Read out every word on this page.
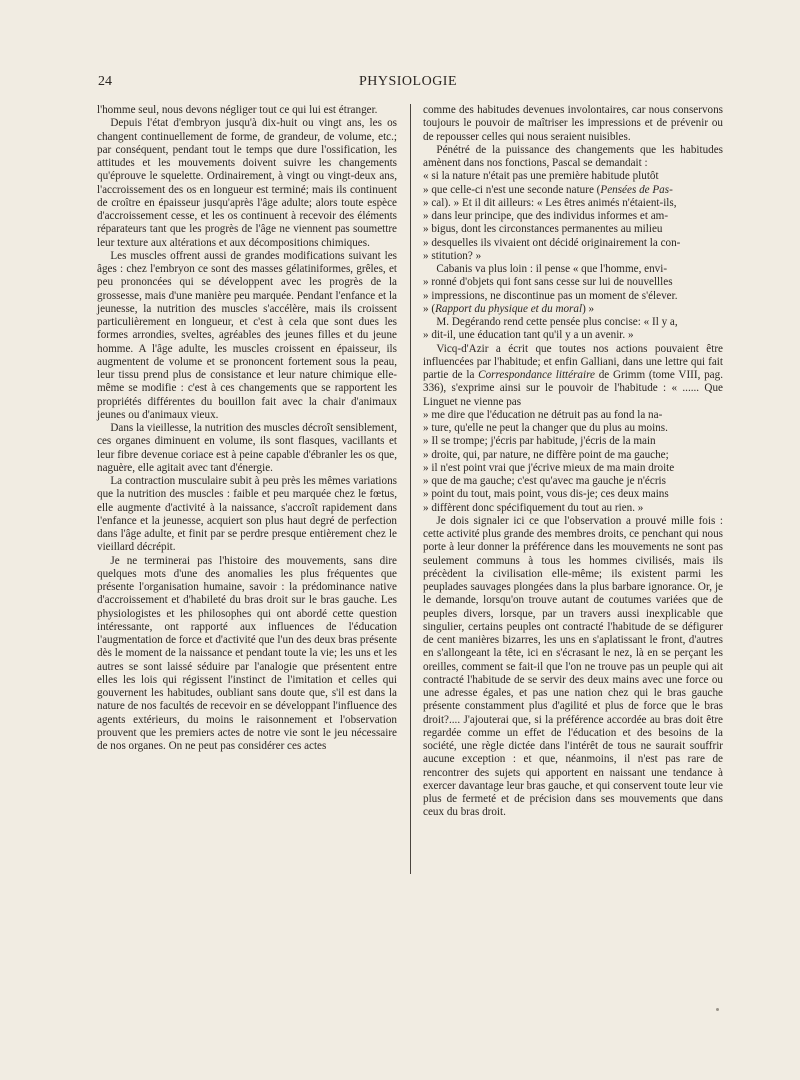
24	PHYSIOLOGIE

l'homme seul, nous devons négliger tout ce qui lui est étranger.

Depuis l'état d'embryon jusqu'à dix-huit ou vingt ans, les os changent continuellement de forme, de grandeur, de volume, etc.; par conséquent, pendant tout le temps que dure l'ossification, les attitudes et les mouvements doivent suivre les changements qu'éprouve le squelette. Ordinairement, à vingt ou vingt-deux ans, l'accroissement des os en longueur est terminé; mais ils continuent de croître en épaisseur jusqu'après l'âge adulte; alors toute espèce d'accroissement cesse, et les os continuent à recevoir des éléments réparateurs tant que les progrès de l'âge ne viennent pas soumettre leur texture aux altérations et aux décompositions chimiques.

Les muscles offrent aussi de grandes modifications suivant les âges : chez l'embryon ce sont des masses gélatiniformes, grêles, et peu prononcées qui se développent avec les progrès de la grossesse, mais d'une manière peu marquée. Pendant l'enfance et la jeunesse, la nutrition des muscles s'accélère, mais ils croissent particulièrement en longueur, et c'est à cela que sont dues les formes arrondies, sveltes, agréables des jeunes filles et du jeune homme. A l'âge adulte, les muscles croissent en épaisseur, ils augmentent de volume et se prononcent fortement sous la peau, leur tissu prend plus de consistance et leur nature chimique elle-même se modifie : c'est à ces changements que se rapportent les propriétés différentes du bouillon fait avec la chair d'animaux jeunes ou d'animaux vieux.

Dans la vieillesse, la nutrition des muscles décroît sensiblement, ces organes diminuent en volume, ils sont flasques, vacillants et leur fibre devenue coriace est à peine capable d'ébranler les os que, naguère, elle agitait avec tant d'énergie.

La contraction musculaire subit à peu près les mêmes variations que la nutrition des muscles : faible et peu marquée chez le fœtus, elle augmente d'activité à la naissance, s'accroît rapidement dans l'enfance et la jeunesse, acquiert son plus haut degré de perfection dans l'âge adulte, et finit par se perdre presque entièrement chez le vieillard décrépit.

Je ne terminerai pas l'histoire des mouvements, sans dire quelques mots d'une des anomalies les plus fréquentes que présente l'organisation humaine, savoir : la prédominance native d'accroissement et d'habileté du bras droit sur le bras gauche. Les physiologistes et les philosophes qui ont abordé cette question intéressante, ont rapporté aux influences de l'éducation l'augmentation de force et d'activité que l'un des deux bras présente dès le moment de la naissance et pendant toute la vie; les uns et les autres se sont laissé séduire par l'analogie que présentent entre elles les lois qui régissent l'instinct de l'imitation et celles qui gouvernent les habitudes, oubliant sans doute que, s'il est dans la nature de nos facultés de recevoir en se développant l'influence des agents extérieurs, du moins le raisonnement et l'observation prouvent que les premiers actes de notre vie sont le jeu nécessaire de nos organes. On ne peut pas considérer ces actes

comme des habitudes devenues involontaires, car nous conservons toujours le pouvoir de maîtriser les impressions et de prévenir ou de repousser celles qui nous seraient nuisibles.

Pénétré de la puissance des changements que les habitudes amènent dans nos fonctions, Pascal se demandait :

« si la nature n'était pas une première habitude plutôt
» que celle-ci n'est une seconde nature (Pensées de Pas-
» cal). » Et il dit ailleurs: « Les êtres animés n'étaient-ils,
» dans leur principe, que des individus informes et am-
» bigus, dont les circonstances permanentes au milieu
» desquelles ils vivaient ont décidé originairement la con-
» stitution? »

Cabanis va plus loin : il pense « que l'homme, envi-

» ronné d'objets qui font sans cesse sur lui de nouvellles
» impressions, ne discontinue pas un moment de s'élever.
» (Rapport du physique et du moral) »

M. Degérando rend cette pensée plus concise: « Il y a,

» dit-il, une éducation tant qu'il y a un avenir. »

Vicq-d'Azir a écrit que toutes nos actions pouvaient être influencées par l'habitude; et enfin Galliani, dans une lettre qui fait partie de la Correspondance littéraire de Grimm (tome VIII, pag. 336), s'exprime ainsi sur le pouvoir de l'habitude : « ...... Que Linguet ne vienne pas

» me dire que l'éducation ne détruit pas au fond la na-
» ture, qu'elle ne peut la changer que du plus au moins.
» Il se trompe; j'écris par habitude, j'écris de la main
» droite, qui, par nature, ne diffère point de ma gauche;
» il n'est point vrai que j'écrive mieux de ma main droite
» que de ma gauche; c'est qu'avec ma gauche je n'écris
» point du tout, mais point, vous dis-je; ces deux mains
» diffèrent donc spécifiquement du tout au rien. »

Je dois signaler ici ce que l'observation a prouvé mille fois : cette activité plus grande des membres droits, ce penchant qui nous porte à leur donner la préférence dans les mouvements ne sont pas seulement communs à tous les hommes civilisés, mais ils précèdent la civilisation elle-même; ils existent parmi les peuplades sauvages plongées dans la plus barbare ignorance. Or, je le demande, lorsqu'on trouve autant de coutumes variées que de peuples divers, lorsque, par un travers aussi inexplicable que singulier, certains peuples ont contracté l'habitude de se défigurer de cent manières bizarres, les uns en s'aplatissant le front, d'autres en s'allongeant la tête, ici en s'écrasant le nez, là en se perçant les oreilles, comment se fait-il que l'on ne trouve pas un peuple qui ait contracté l'habitude de se servir des deux mains avec une force ou une adresse égales, et pas une nation chez qui le bras gauche présente constamment plus d'agilité et plus de force que le bras droit?.... J'ajouterai que, si la préférence accordée au bras doit être regardée comme un effet de l'éducation et des besoins de la société, une règle dictée dans l'intérêt de tous ne saurait souffrir aucune exception : et que, néanmoins, il n'est pas rare de rencontrer des sujets qui apportent en naissant une tendance à exercer davantage leur bras gauche, et qui conservent toute leur vie plus de fermeté et de précision dans ses mouvements que dans ceux du bras droit.
